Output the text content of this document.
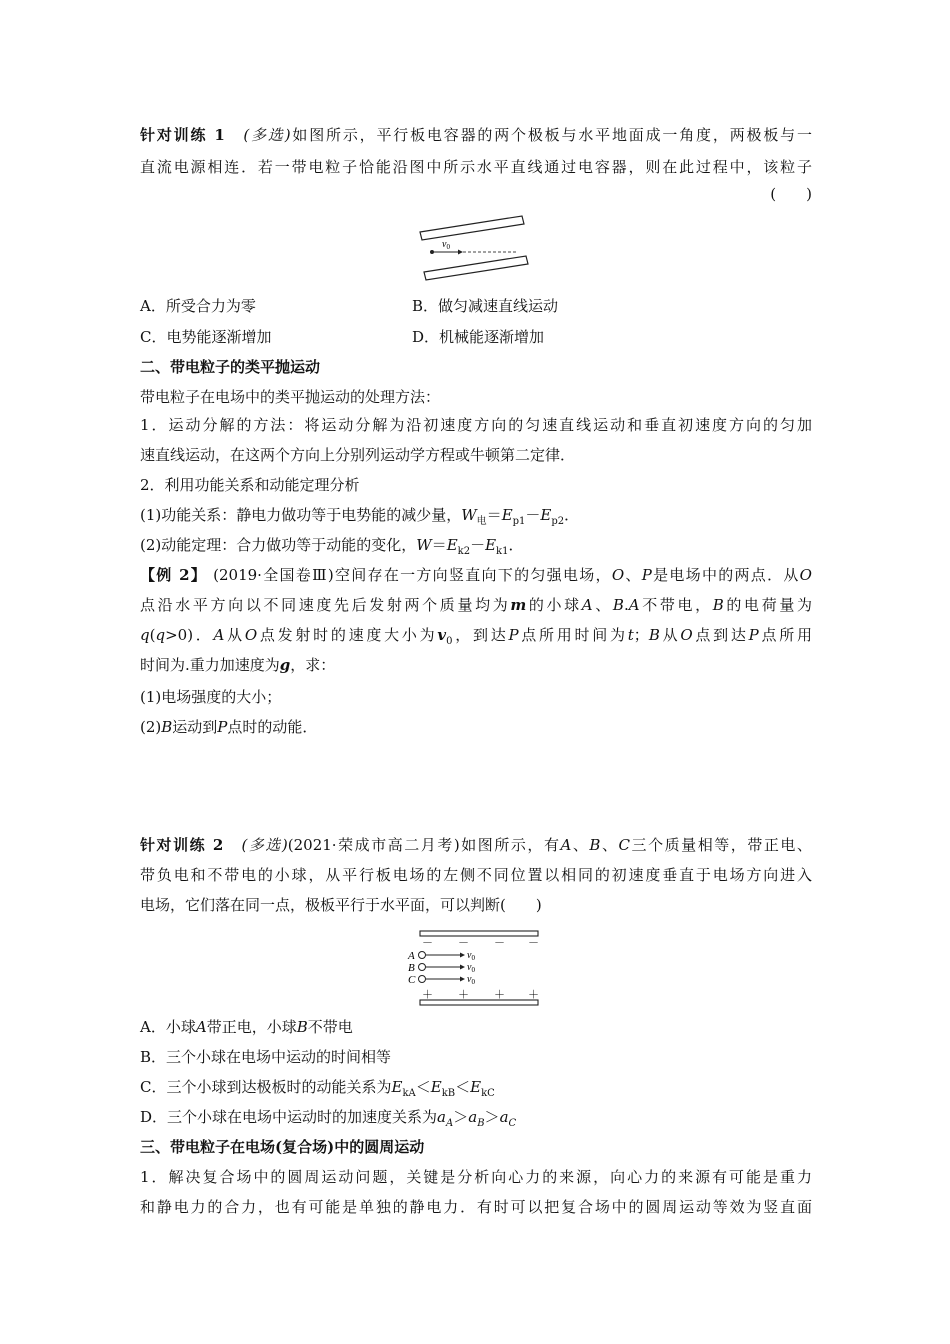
针对训练 1　 (多选)如图所示，平行板电容器的两个极板与水平地面成一角度，两极板与一
直流电源相连．若一带电粒子恰能沿图中所示水平直线通过电容器，则在此过程中，该粒子
(　　)
$v_0$
A．所受合力为零	B．做匀减速直线运动
C．电势能逐渐增加	D．机械能逐渐增加
二、带电粒子的类平抛运动
带电粒子在电场中的类平抛运动的处理方法：
1．运动分解的方法：将运动分解为沿初速度方向的匀速直线运动和垂直初速度方向的匀加
速直线运动，在这两个方向上分别列运动学方程或牛顿第二定律．
2．利用功能关系和动能定理分析
(1)功能关系：静电力做功等于电势能的减少量，$W_电=E_{p1}-E_{p2}$．
(2)动能定理：合力做功等于动能的变化，$W=E_{k2}-E_{k1}$．
【例 2】 (2019·全国卷Ⅲ)空间存在一方向竖直向下的匀强电场，O、P是电场中的两点．从O
点沿水平方向以不同速度先后发射两个质量均为m的小球A、B.A不带电，B的电荷量为
q(q>0)．A从O点发射时的速度大小为$v_0$，到达P点所用时间为t；B从O点到达P点所用
时间为.重力加速度为g，求：
(1)电场强度的大小；
(2)B运动到P点时的动能．
针对训练 2　 (多选)(2021·荣成市高二月考)如图所示，有A、B、C三个质量相等，带正电、
带负电和不带电的小球，从平行板电场的左侧不同位置以相同的初速度垂直于电场方向进入
电场，它们落在同一点，极板平行于水平面，可以判断(　　)
－ － － －
＋ ＋ ＋ ＋
A
B
C
$v_0$
$v_0$
$v_0$
A．小球A带正电，小球B不带电
B．三个小球在电场中运动的时间相等
C．三个小球到达极板时的动能关系为$E_{kA}<E_{kB}<E_{kC}$
D．三个小球在电场中运动时的加速度关系为$a_A>a_B>a_C$
三、带电粒子在电场(复合场)中的圆周运动
1．解决复合场中的圆周运动问题，关键是分析向心力的来源，向心力的来源有可能是重力
和静电力的合力，也有可能是单独的静电力．有时可以把复合场中的圆周运动等效为竖直面
